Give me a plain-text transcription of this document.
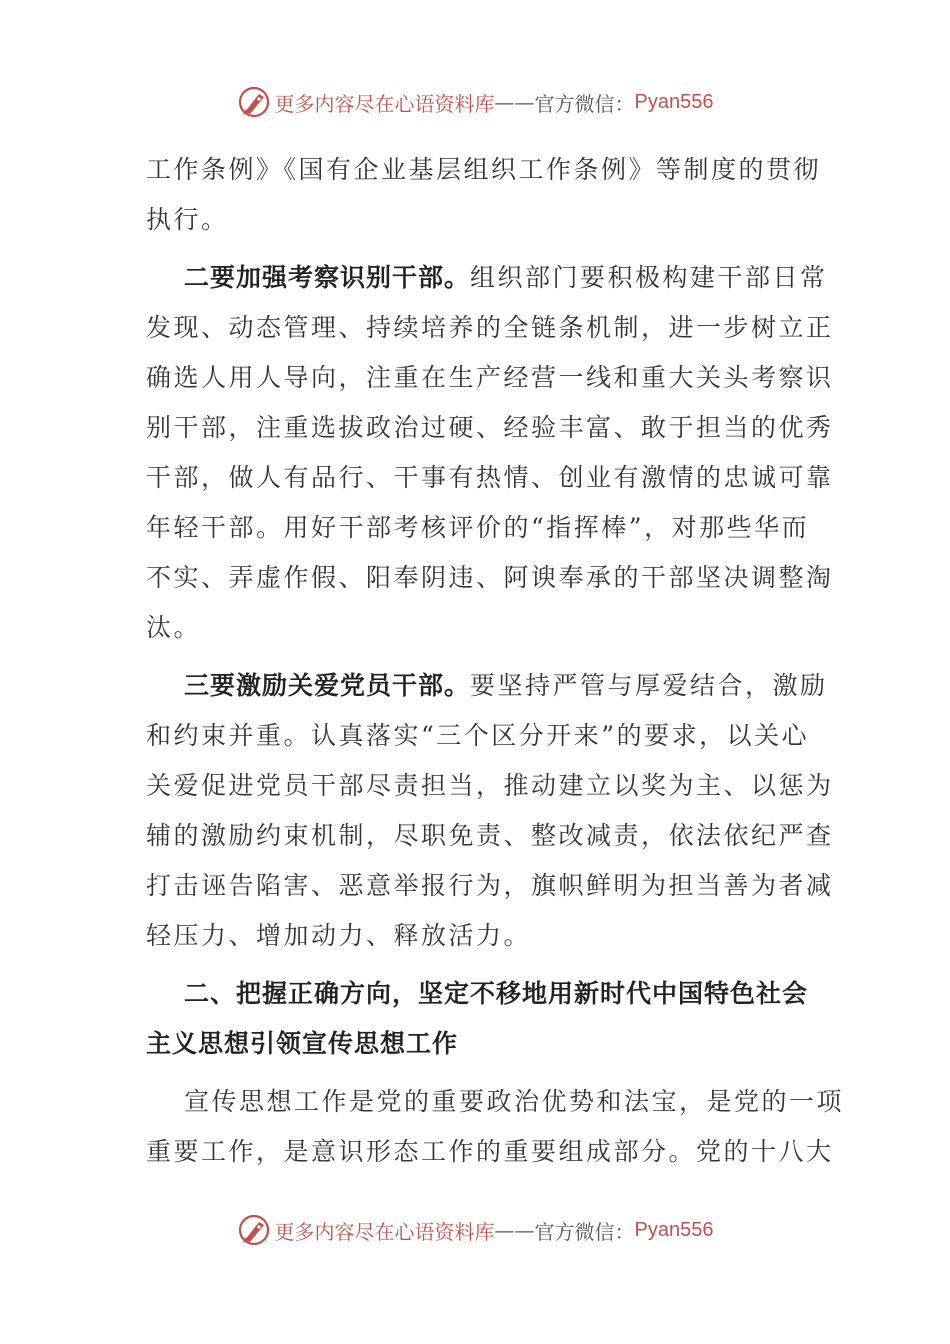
更多内容尽在心语资料库 —— 官方微信： Pyan556
工作条例》《国有企业基层组织工作条例》等制度的贯彻
执行。
二要加强考察识别干部。组织部门要积极构建干部日常
发现、动态管理、持续培养的全链条机制，进一步树立正
确选人用人导向，注重在生产经营一线和重大关头考察识
别干部，注重选拔政治过硬、经验丰富、敢于担当的优秀
干部，做人有品行、干事有热情、创业有激情的忠诚可靠
年轻干部。用好干部考核评价的“指挥棒”，对那些华而
不实、弄虚作假、阳奉阴违、阿谀奉承的干部坚决调整淘
汰。
三要激励关爱党员干部。要坚持严管与厚爱结合，激励
和约束并重。认真落实“三个区分开来”的要求，以关心
关爱促进党员干部尽责担当，推动建立以奖为主、以惩为
辅的激励约束机制，尽职免责、整改减责，依法依纪严查
打击诬告陷害、恶意举报行为，旗帜鲜明为担当善为者减
轻压力、增加动力、释放活力。
二、把握正确方向，坚定不移地用新时代中国特色社会
主义思想引领宣传思想工作
宣传思想工作是党的重要政治优势和法宝，是党的一项
重要工作，是意识形态工作的重要组成部分。党的十八大
更多内容尽在心语资料库 —— 官方微信： Pyan556
